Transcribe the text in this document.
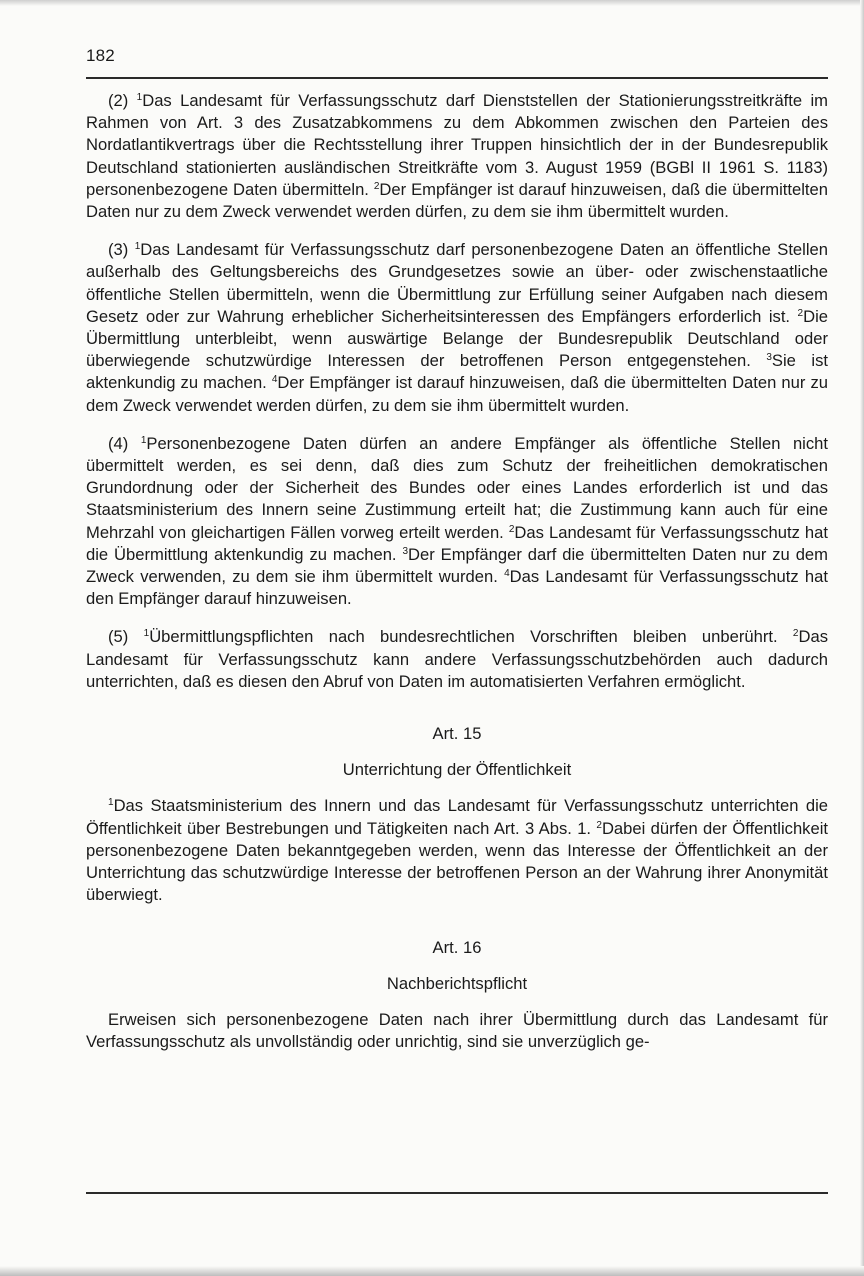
182

(2) $^1$Das Landesamt für Verfassungsschutz darf Dienststellen der Stationierungsstreitkräfte im Rahmen von Art. 3 des Zusatzabkommens zu dem Abkommen zwischen den Parteien des Nordatlantikvertrags über die Rechtsstellung ihrer Truppen hinsichtlich der in der Bundesrepublik Deutschland stationierten ausländischen Streitkräfte vom 3. August 1959 (BGBl II 1961 S. 1183) personenbezogene Daten übermitteln. $^2$Der Empfänger ist darauf hinzuweisen, daß die übermittelten Daten nur zu dem Zweck verwendet werden dürfen, zu dem sie ihm übermittelt wurden.

(3) $^1$Das Landesamt für Verfassungsschutz darf personenbezogene Daten an öffentliche Stellen außerhalb des Geltungsbereichs des Grundgesetzes sowie an über- oder zwischenstaatliche öffentliche Stellen übermitteln, wenn die Übermittlung zur Erfüllung seiner Aufgaben nach diesem Gesetz oder zur Wahrung erheblicher Sicherheitsinteressen des Empfängers erforderlich ist. $^2$Die Übermittlung unterbleibt, wenn auswärtige Belange der Bundesrepublik Deutschland oder überwiegende schutzwürdige Interessen der betroffenen Person entgegenstehen. $^3$Sie ist aktenkundig zu machen. $^4$Der Empfänger ist darauf hinzuweisen, daß die übermittelten Daten nur zu dem Zweck verwendet werden dürfen, zu dem sie ihm übermittelt wurden.

(4) $^1$Personenbezogene Daten dürfen an andere Empfänger als öffentliche Stellen nicht übermittelt werden, es sei denn, daß dies zum Schutz der freiheitlichen demokratischen Grundordnung oder der Sicherheit des Bundes oder eines Landes erforderlich ist und das Staatsministerium des Innern seine Zustimmung erteilt hat; die Zustimmung kann auch für eine Mehrzahl von gleichartigen Fällen vorweg erteilt werden. $^2$Das Landesamt für Verfassungsschutz hat die Übermittlung aktenkundig zu machen. $^3$Der Empfänger darf die übermittelten Daten nur zu dem Zweck verwenden, zu dem sie ihm übermittelt wurden. $^4$Das Landesamt für Verfassungsschutz hat den Empfänger darauf hinzuweisen.

(5) $^1$Übermittlungspflichten nach bundesrechtlichen Vorschriften bleiben unberührt. $^2$Das Landesamt für Verfassungsschutz kann andere Verfassungsschutzbehörden auch dadurch unterrichten, daß es diesen den Abruf von Daten im automatisierten Verfahren ermöglicht.

Art. 15

Unterrichtung der Öffentlichkeit

$^1$Das Staatsministerium des Innern und das Landesamt für Verfassungsschutz unterrichten die Öffentlichkeit über Bestrebungen und Tätigkeiten nach Art. 3 Abs. 1. $^2$Dabei dürfen der Öffentlichkeit personenbezogene Daten bekanntgegeben werden, wenn das Interesse der Öffentlichkeit an der Unterrichtung das schutzwürdige Interesse der betroffenen Person an der Wahrung ihrer Anonymität überwiegt.

Art. 16

Nachberichtspflicht

Erweisen sich personenbezogene Daten nach ihrer Übermittlung durch das Landesamt für Verfassungsschutz als unvollständig oder unrichtig, sind sie unverzüglich ge-
